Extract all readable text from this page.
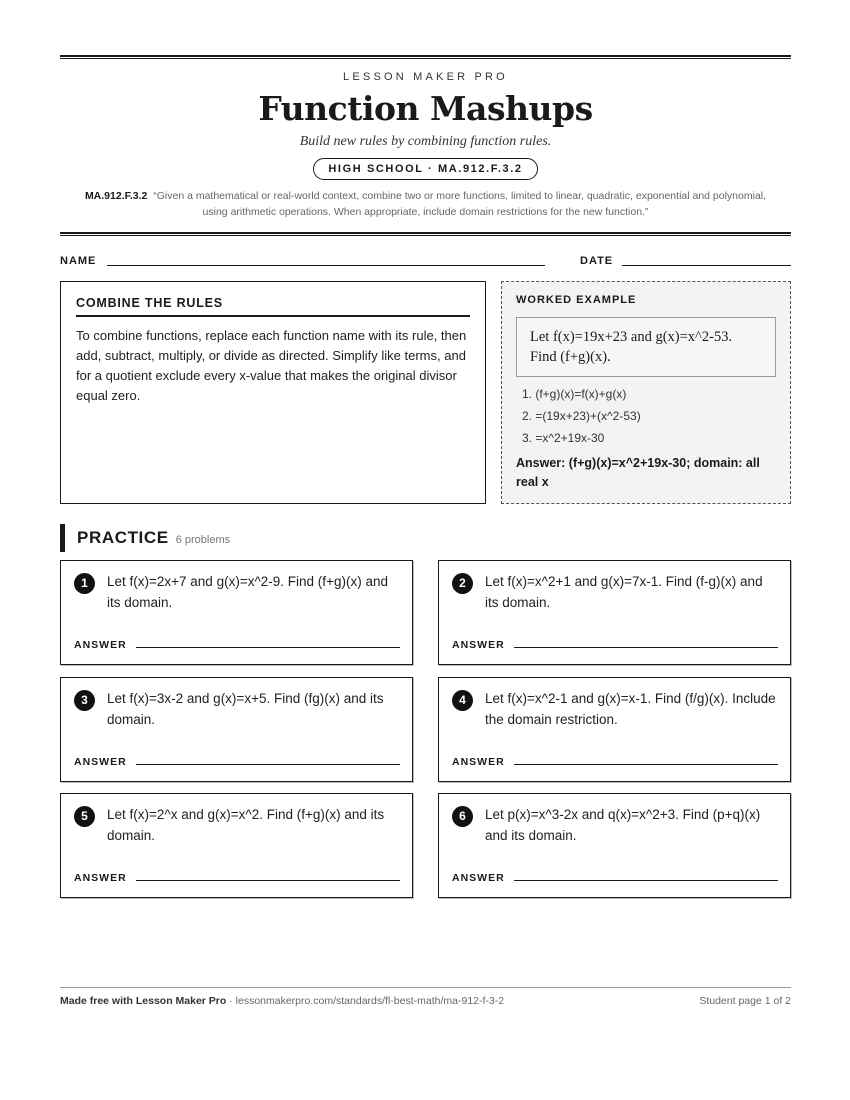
LESSON MAKER PRO
Function Mashups
Build new rules by combining function rules.
HIGH SCHOOL · MA.912.F.3.2
MA.912.F.3.2 “Given a mathematical or real-world context, combine two or more functions, limited to linear, quadratic, exponential and polynomial, using arithmetic operations. When appropriate, include domain restrictions for the new function.”
NAME	DATE
COMBINE THE RULES

To combine functions, replace each function name with its rule, then add, subtract, multiply, or divide as directed. Simplify like terms, and for a quotient exclude every x-value that makes the original divisor equal zero.

WORKED EXAMPLE
Let f(x)=19x+23 and g(x)=x^2-53. Find (f+g)(x).
1. (f+g)(x)=f(x)+g(x)
2. =(19x+23)+(x^2-53)
3. =x^2+19x-30
Answer: (f+g)(x)=x^2+19x-30; domain: all real x
PRACTICE 6 problems
1	Let f(x)=2x+7 and g(x)=x^2-9. Find (f+g)(x) and its domain.
ANSWER
2	Let f(x)=x^2+1 and g(x)=7x-1. Find (f-g)(x) and its domain.
ANSWER
3	Let f(x)=3x-2 and g(x)=x+5. Find (fg)(x) and its domain.
ANSWER
4	Let f(x)=x^2-1 and g(x)=x-1. Find (f/g)(x). Include the domain restriction.
ANSWER
5	Let f(x)=2^x and g(x)=x^2. Find (f+g)(x) and its domain.
ANSWER
6	Let p(x)=x^3-2x and q(x)=x^2+3. Find (p+q)(x) and its domain.
ANSWER
Made free with Lesson Maker Pro · lessonmakerpro.com/standards/fl-best-math/ma-912-f-3-2	Student page 1 of 2
